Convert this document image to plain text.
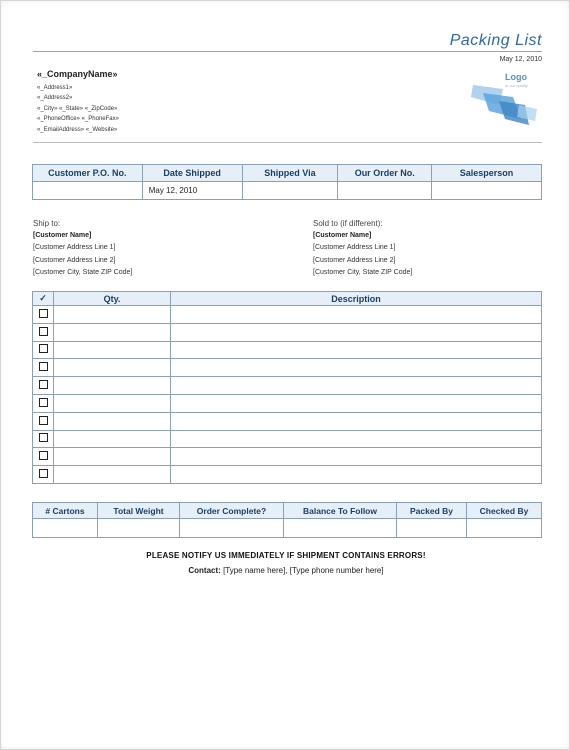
Packing List
May 12, 2010
«_CompanyName»
«_Address1»
«_Address2»
«_City» «_State» «_ZipCode»
«_PhoneOffice» «_PhoneFax»
«_EmailAddress» «_Website»
Logo
to our quality
Customer P.O. No.	Date Shipped	Shipped Via	Our Order No.	Salesperson
	May 12, 2010			
Ship to:
[Customer Name]
[Customer Address Line 1]
[Customer Address Line 2]
[Customer City, State ZIP Code]
Sold to (if different):
[Customer Name]
[Customer Address Line 1]
[Customer Address Line 2]
[Customer City, State ZIP Code]
✓	Qty.	Description

# Cartons	Total Weight	Order Complete?	Balance To Follow	Packed By	Checked By

PLEASE NOTIFY US IMMEDIATELY IF SHIPMENT CONTAINS ERRORS!
Contact: [Type name here], [Type phone number here]
